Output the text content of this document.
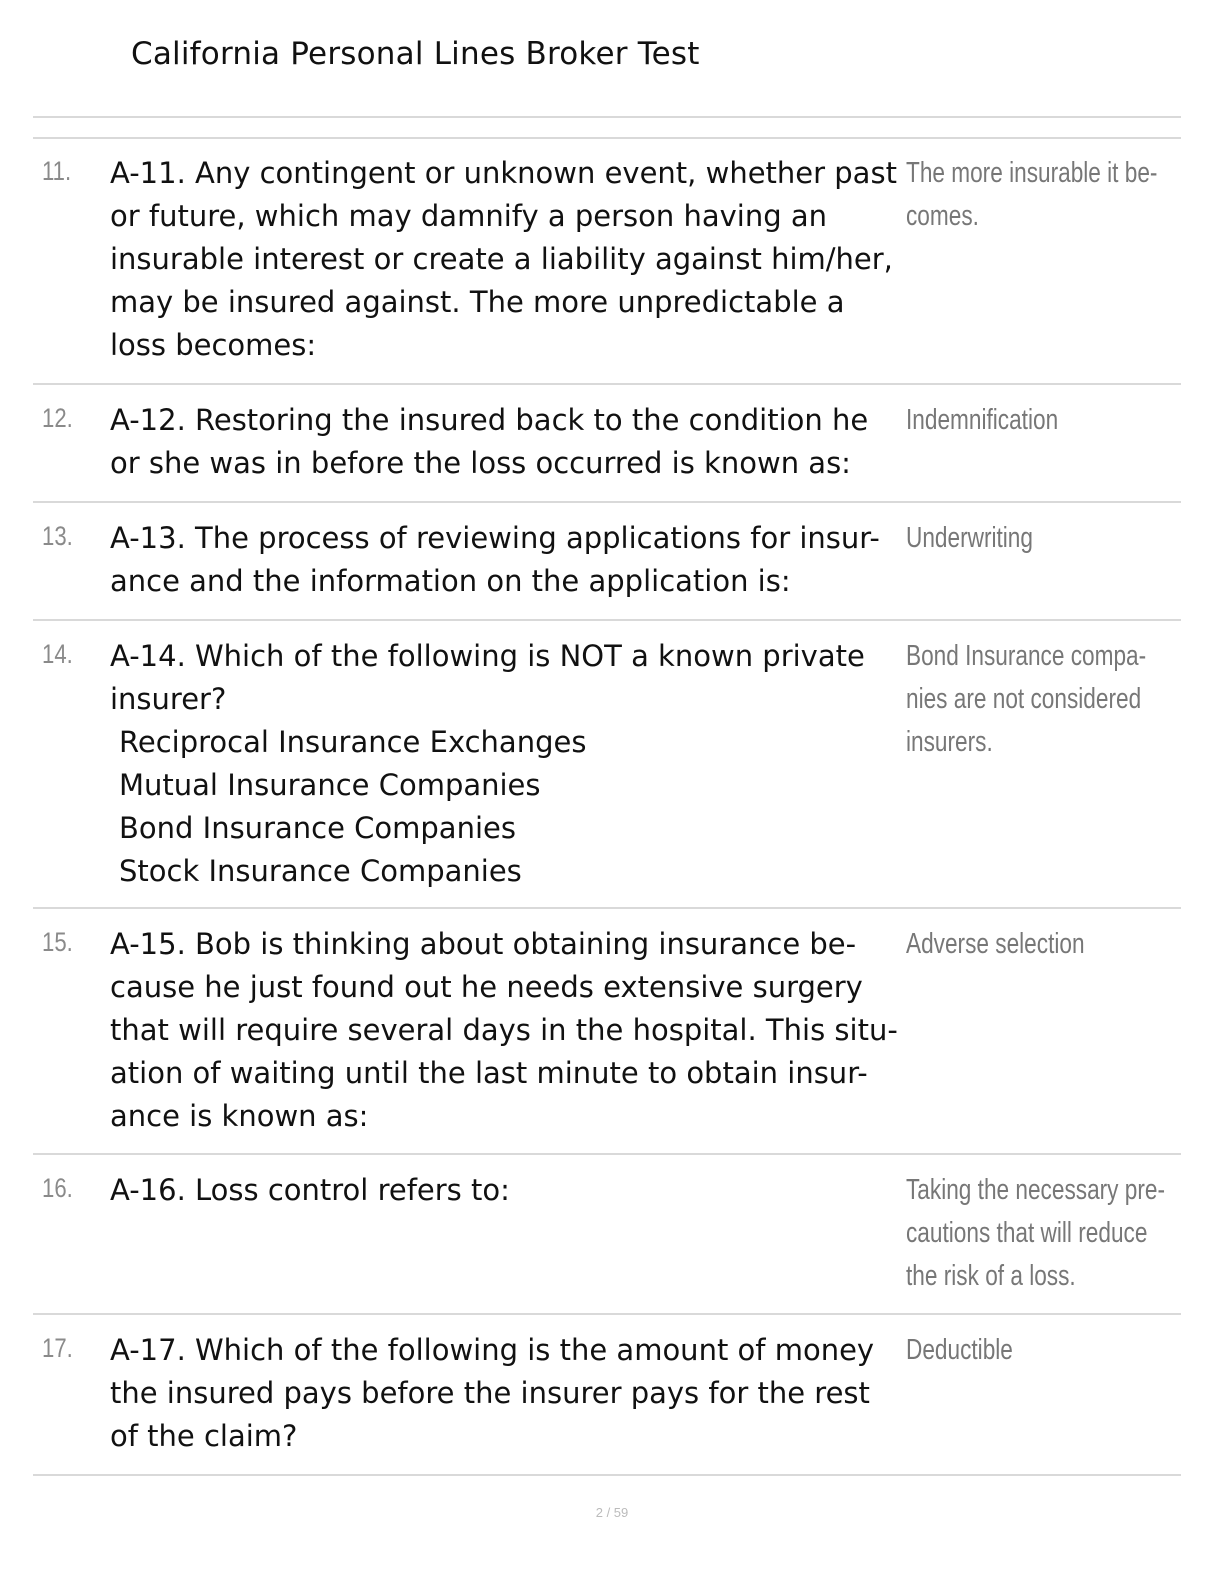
California Personal Lines Broker Test
11. A-11. Any contingent or unknown event, whether past
or future, which may damnify a person having an
insurable interest or create a liability against him/her,
may be insured against. The more unpredictable a
loss becomes:
The more insurable it be-
comes.
12. A-12. Restoring the insured back to the condition he
or she was in before the loss occurred is known as:
Indemnification
13. A-13. The process of reviewing applications for insur-
ance and the information on the application is:
Underwriting
14. A-14. Which of the following is NOT a known private
insurer?
Reciprocal Insurance Exchanges
Mutual Insurance Companies
Bond Insurance Companies
Stock Insurance Companies
Bond Insurance compa-
nies are not considered
insurers.
15. A-15. Bob is thinking about obtaining insurance be-
cause he just found out he needs extensive surgery
that will require several days in the hospital. This situ-
ation of waiting until the last minute to obtain insur-
ance is known as:
Adverse selection
16. A-16. Loss control refers to:	Taking the necessary pre-
cautions that will reduce
the risk of a loss.
17. A-17. Which of the following is the amount of money
the insured pays before the insurer pays for the rest
of the claim?
Deductible
2 / 59
